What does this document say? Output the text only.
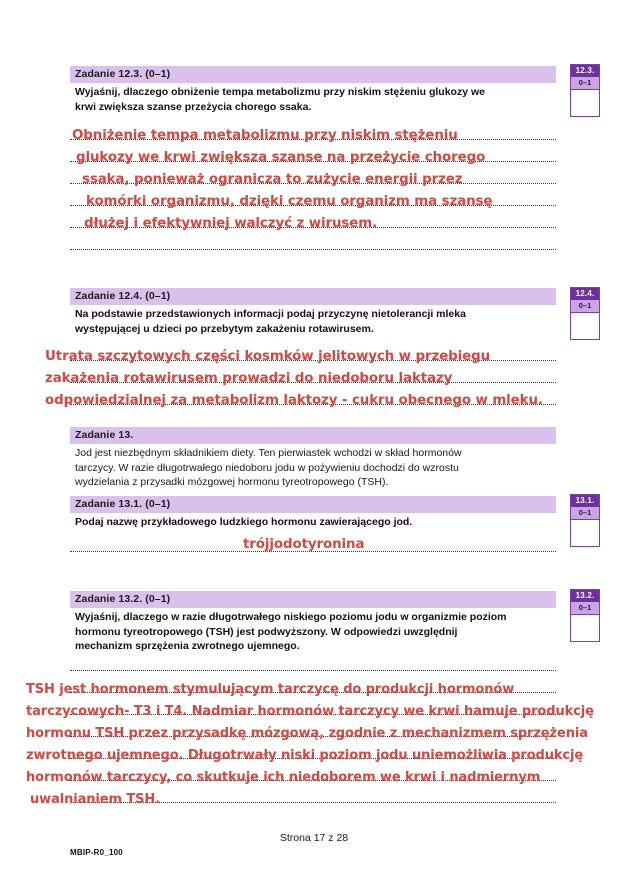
Zadanie 12.3. (0–1)
Wyjaśnij, dlaczego obniżenie tempa metabolizmu przy niskim stężeniu glukozy we
krwi zwiększa szanse przeżycia chorego ssaka.
12.3.
0–1
Obniżenie tempa metabolizmu przy niskim stężeniu
glukozy we krwi zwiększa szanse na przeżycie chorego
ssaka, ponieważ ogranicza to zużycie energii przez
komórki organizmu, dzięki czemu organizm ma szansę
dłużej i efektywniej walczyć z wirusem.
Zadanie 12.4. (0–1)
Na podstawie przedstawionych informacji podaj przyczynę nietolerancji mleka
występującej u dzieci po przebytym zakażeniu rotawirusem.
12.4.
0–1
Utrata szczytowych części kosmków jelitowych w przebiegu
zakażenia rotawirusem prowadzi do niedoboru laktazy
odpowiedzialnej za metabolizm laktozy - cukru obecnego w mleku.
Zadanie 13.
Jod jest niezbędnym składnikiem diety. Ten pierwiastek wchodzi w skład hormonów
tarczycy. W razie długotrwałego niedoboru jodu w pożywieniu dochodzi do wzrostu
wydzielania z przysadki mózgowej hormonu tyreotropowego (TSH).
Zadanie 13.1. (0–1)
Podaj nazwę przykładowego ludzkiego hormonu zawierającego jod.
13.1.
0–1
trójjodotyronina
Zadanie 13.2. (0–1)
Wyjaśnij, dlaczego w razie długotrwałego niskiego poziomu jodu w organizmie poziom
hormonu tyreotropowego (TSH) jest podwyższony. W odpowiedzi uwzględnij
mechanizm sprzężenia zwrotnego ujemnego.
13.2.
0–1
TSH jest hormonem stymulującym tarczycę do produkcji hormonów
tarczycowych- T3 i T4. Nadmiar hormonów tarczycy we krwi hamuje produkcję
hormonu TSH przez przysadkę mózgową, zgodnie z mechanizmem sprzężenia
zwrotnego ujemnego. Długotrwały niski poziom jodu uniemożliwia produkcję
hormonów tarczycy, co skutkuje ich niedoborem we krwi i nadmiernym
uwalnianiem TSH.
Strona 17 z 28
MBIP-R0_100
